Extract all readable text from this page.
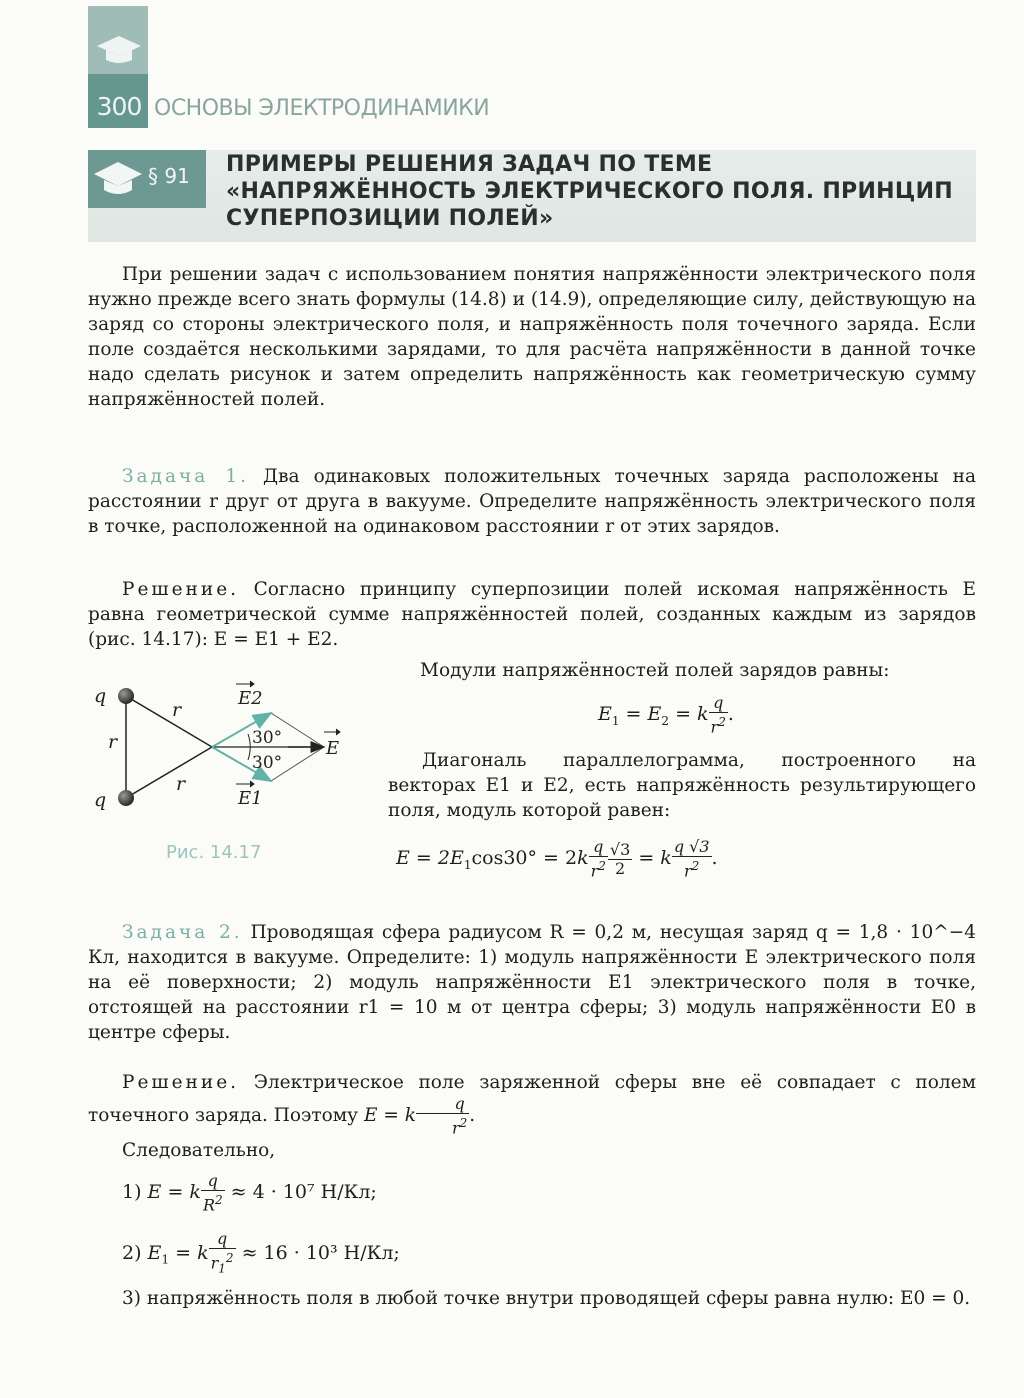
300 ОСНОВЫ ЭЛЕКТРОДИНАМИКИ
§ 91 ПРИМЕРЫ РЕШЕНИЯ ЗАДАЧ ПО ТЕМЕ «НАПРЯЖЁННОСТЬ ЭЛЕКТРИЧЕСКОГО ПОЛЯ. ПРИНЦИП СУПЕРПОЗИЦИИ ПОЛЕЙ»
При решении задач с использованием понятия напряжённости электрического поля нужно прежде всего знать формулы (14.8) и (14.9), определяющие силу, действующую на заряд со стороны электрического поля, и напряжённость поля точечного заряда. Если поле создаётся несколькими зарядами, то для расчёта напряжённости в данной точке надо сделать рисунок и затем определить напряжённость как геометрическую сумму напряжённостей полей.
Задача 1. Два одинаковых положительных точечных заряда расположены на расстоянии r друг от друга в вакууме. Определите напряжённость электрического поля в точке, расположенной на одинаковом расстоянии r от этих зарядов.
Решение. Согласно принципу суперпозиции полей искомая напряжённость E равна геометрической сумме напряжённостей полей, созданных каждым из зарядов (рис. 14.17): E = E1 + E2.
q
q
r
r
r
E2
E1
E
30°
30°
Рис. 14.17
Модули напряжённостей полей зарядов равны:
$E_1 = E_2 = k \frac{q}{r^2}$ .
Диагональ параллелограмма, построенного на векторах E1 и E2, есть напряжённость результирующего поля, модуль которой равен:
$E = 2E_1\cos 30^\circ = 2k \frac{q}{r^2} \frac{√3}{2} = k \frac{q √3}{r^2}$ .
Задача 2. Проводящая сфера радиусом R = 0,2 м, несущая заряд q = 1,8 · 10^−4 Кл, находится в вакууме. Определите: 1) модуль напряжённости E электрического поля на её поверхности; 2) модуль напряжённости E1 электрического поля в точке, отстоящей на расстоянии r1 = 10 м от центра сферы; 3) модуль напряжённости E0 в центре сферы.
Решение. Электрическое поле заряженной сферы вне её совпадает с полем точечного заряда. Поэтому E = k $\frac{q}{r^2}$ .
Следовательно,
1) E = k $\frac{q}{R^2} \approx 4 \cdot 10^7$ Н/Кл;
2) $E_1 = k \frac{q}{r_1^2} \approx 16 \cdot 10^3$ Н/Кл;
3) напряжённость поля в любой точке внутри проводящей сферы равна нулю: E0 = 0.
